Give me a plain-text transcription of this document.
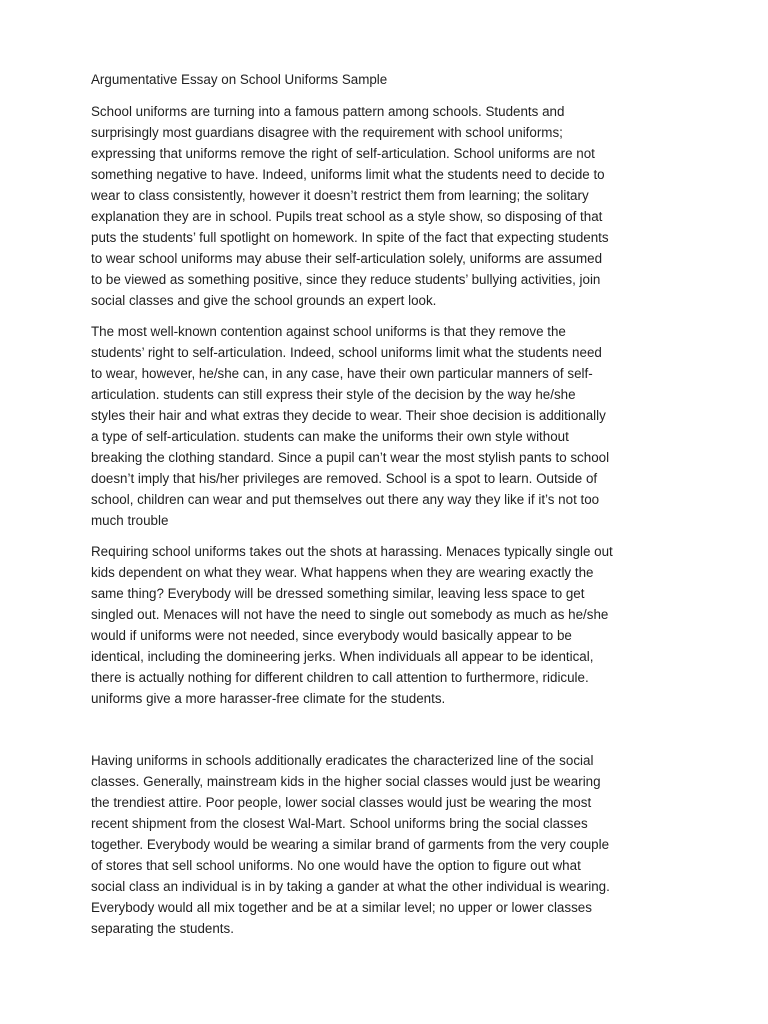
Argumentative Essay on School Uniforms Sample
School uniforms are turning into a famous pattern among schools. Students and
surprisingly most guardians disagree with the requirement with school uniforms;
expressing that uniforms remove the right of self-articulation. School uniforms are not
something negative to have. Indeed, uniforms limit what the students need to decide to
wear to class consistently, however it doesn’t restrict them from learning; the solitary
explanation they are in school. Pupils treat school as a style show, so disposing of that
puts the students’ full spotlight on homework. In spite of the fact that expecting students
to wear school uniforms may abuse their self-articulation solely, uniforms are assumed
to be viewed as something positive, since they reduce students’ bullying activities, join
social classes and give the school grounds an expert look.
The most well-known contention against school uniforms is that they remove the
students’ right to self-articulation. Indeed, school uniforms limit what the students need
to wear, however, he/she can, in any case, have their own particular manners of self-
articulation. students can still express their style of the decision by the way he/she
styles their hair and what extras they decide to wear. Their shoe decision is additionally
a type of self-articulation. students can make the uniforms their own style without
breaking the clothing standard. Since a pupil can’t wear the most stylish pants to school
doesn’t imply that his/her privileges are removed. School is a spot to learn. Outside of
school, children can wear and put themselves out there any way they like if it’s not too
much trouble
Requiring school uniforms takes out the shots at harassing. Menaces typically single out
kids dependent on what they wear. What happens when they are wearing exactly the
same thing? Everybody will be dressed something similar, leaving less space to get
singled out. Menaces will not have the need to single out somebody as much as he/she
would if uniforms were not needed, since everybody would basically appear to be
identical, including the domineering jerks. When individuals all appear to be identical,
there is actually nothing for different children to call attention to furthermore, ridicule.
uniforms give a more harasser-free climate for the students.
Having uniforms in schools additionally eradicates the characterized line of the social
classes. Generally, mainstream kids in the higher social classes would just be wearing
the trendiest attire. Poor people, lower social classes would just be wearing the most
recent shipment from the closest Wal-Mart. School uniforms bring the social classes
together. Everybody would be wearing a similar brand of garments from the very couple
of stores that sell school uniforms. No one would have the option to figure out what
social class an individual is in by taking a gander at what the other individual is wearing.
Everybody would all mix together and be at a similar level; no upper or lower classes
separating the students.
